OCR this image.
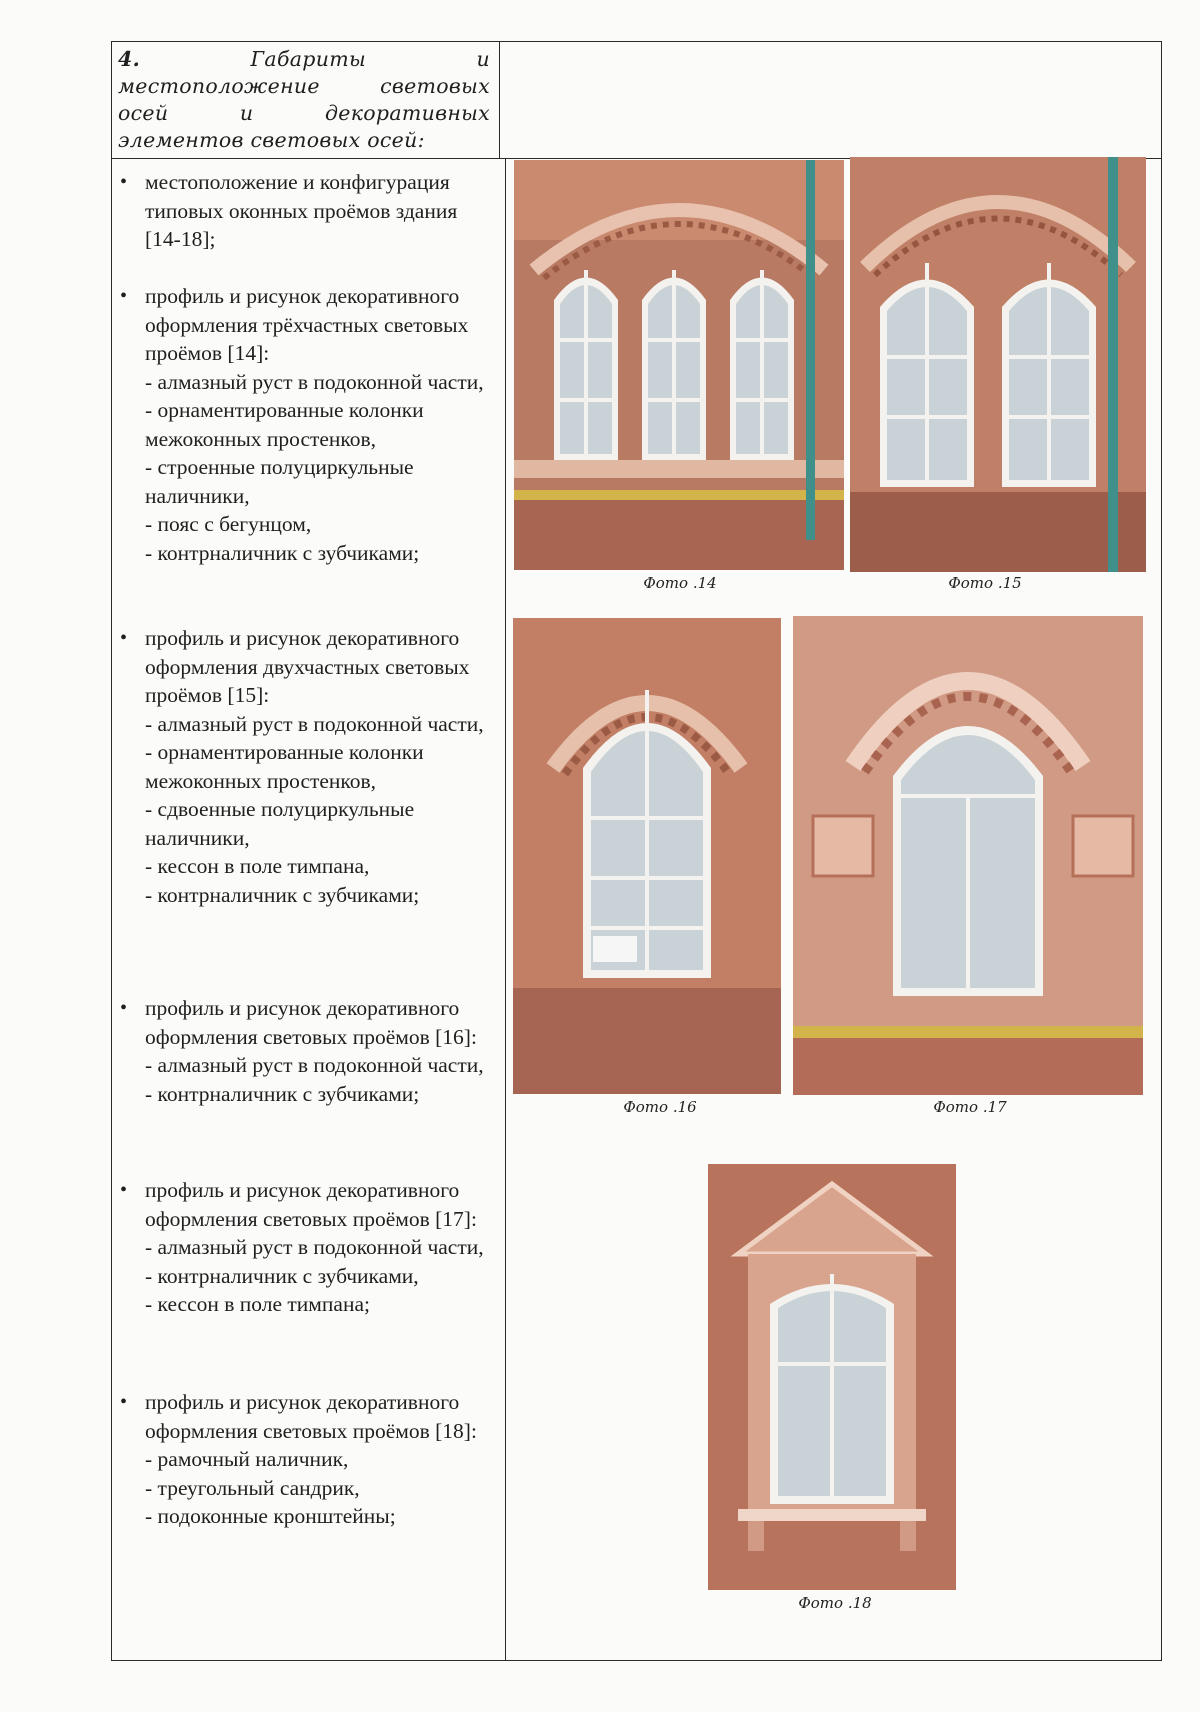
4. Габариты и местоположение световых осей и декоративных элементов световых осей:
• местоположение и конфигурация типовых оконных проёмов здания [14-18];
• профиль и рисунок декоративного оформления трёхчастных световых проёмов [14]:
- алмазный руст в подоконной части,
- орнаментированные колонки межоконных простенков,
- строенные полуциркульные наличники,
- пояс с бегунцом,
- контрналичник с зубчиками;
• профиль и рисунок декоративного оформления двухчастных световых проёмов [15]:
- алмазный руст в подоконной части,
- орнаментированные колонки межоконных простенков,
- сдвоенные полуциркульные наличники,
- кессон в поле тимпана,
- контрналичник с зубчиками;
• профиль и рисунок декоративного оформления световых проёмов [16]:
- алмазный руст в подоконной части,
- контрналичник с зубчиками;
• профиль и рисунок декоративного оформления световых проёмов [17]:
- алмазный руст в подоконной части,
- контрналичник с зубчиками,
- кессон в поле тимпана;
• профиль и рисунок декоративного оформления световых проёмов [18]:
- рамочный наличник,
- треугольный сандрик,
- подоконные кронштейны;
Фото .14	Фото .15
Фото .16	Фото .17
Фото .18
